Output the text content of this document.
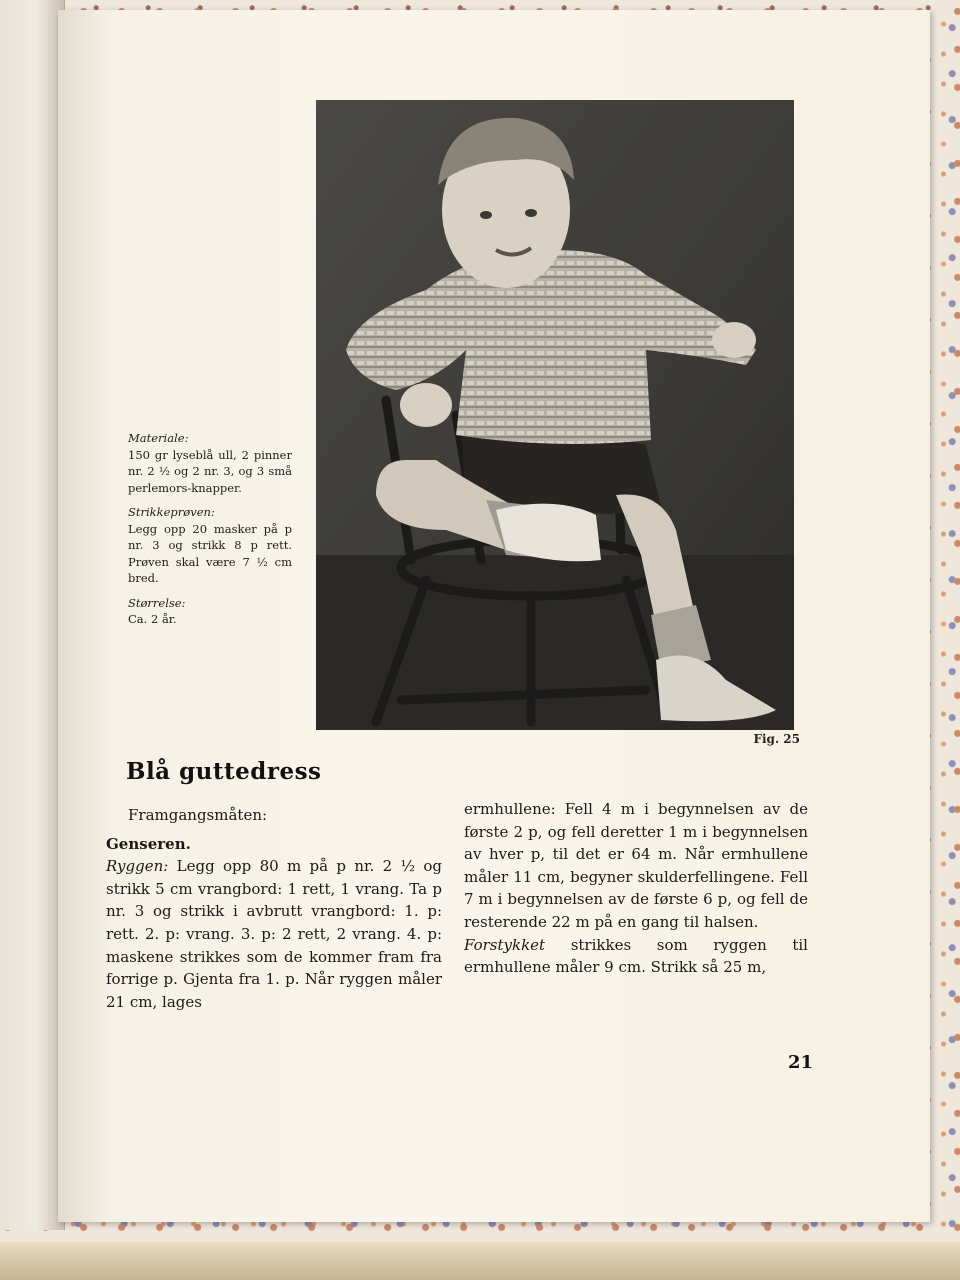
Fig. 25
Materiale:
150 gr lyseblå ull, 2 pinner nr. 2 ½ og 2 nr. 3, og 3 små perlemors-knapper.
Strikkeprøven:
Legg opp 20 masker på p nr. 3 og strikk 8 p rett. Prøven skal være 7 ½ cm bred.
Størrelse:
Ca. 2 år.
Blå guttedress

Framgangsmåten:

Genseren.

Ryggen: Legg opp 80 m på p nr. 2 ½ og strikk 5 cm vrangbord: 1 rett, 1 vrang. Ta p nr. 3 og strikk i avbrutt vrangbord: 1. p: rett. 2. p: vrang. 3. p: 2 rett, 2 vrang. 4. p: maskene strikkes som de kommer fram fra forrige p. Gjenta fra 1. p. Når ryggen måler 21 cm, lages

ermhullene: Fell 4 m i begynnelsen av de første 2 p, og fell deretter 1 m i begynnelsen av hver p, til det er 64 m. Når ermhullene måler 11 cm, begyner skulderfellingene. Fell 7 m i begynnelsen av de første 6 p, og fell de resterende 22 m på en gang til halsen.

Forstykket strikkes som ryggen til ermhullene måler 9 cm. Strikk så 25 m,

21
